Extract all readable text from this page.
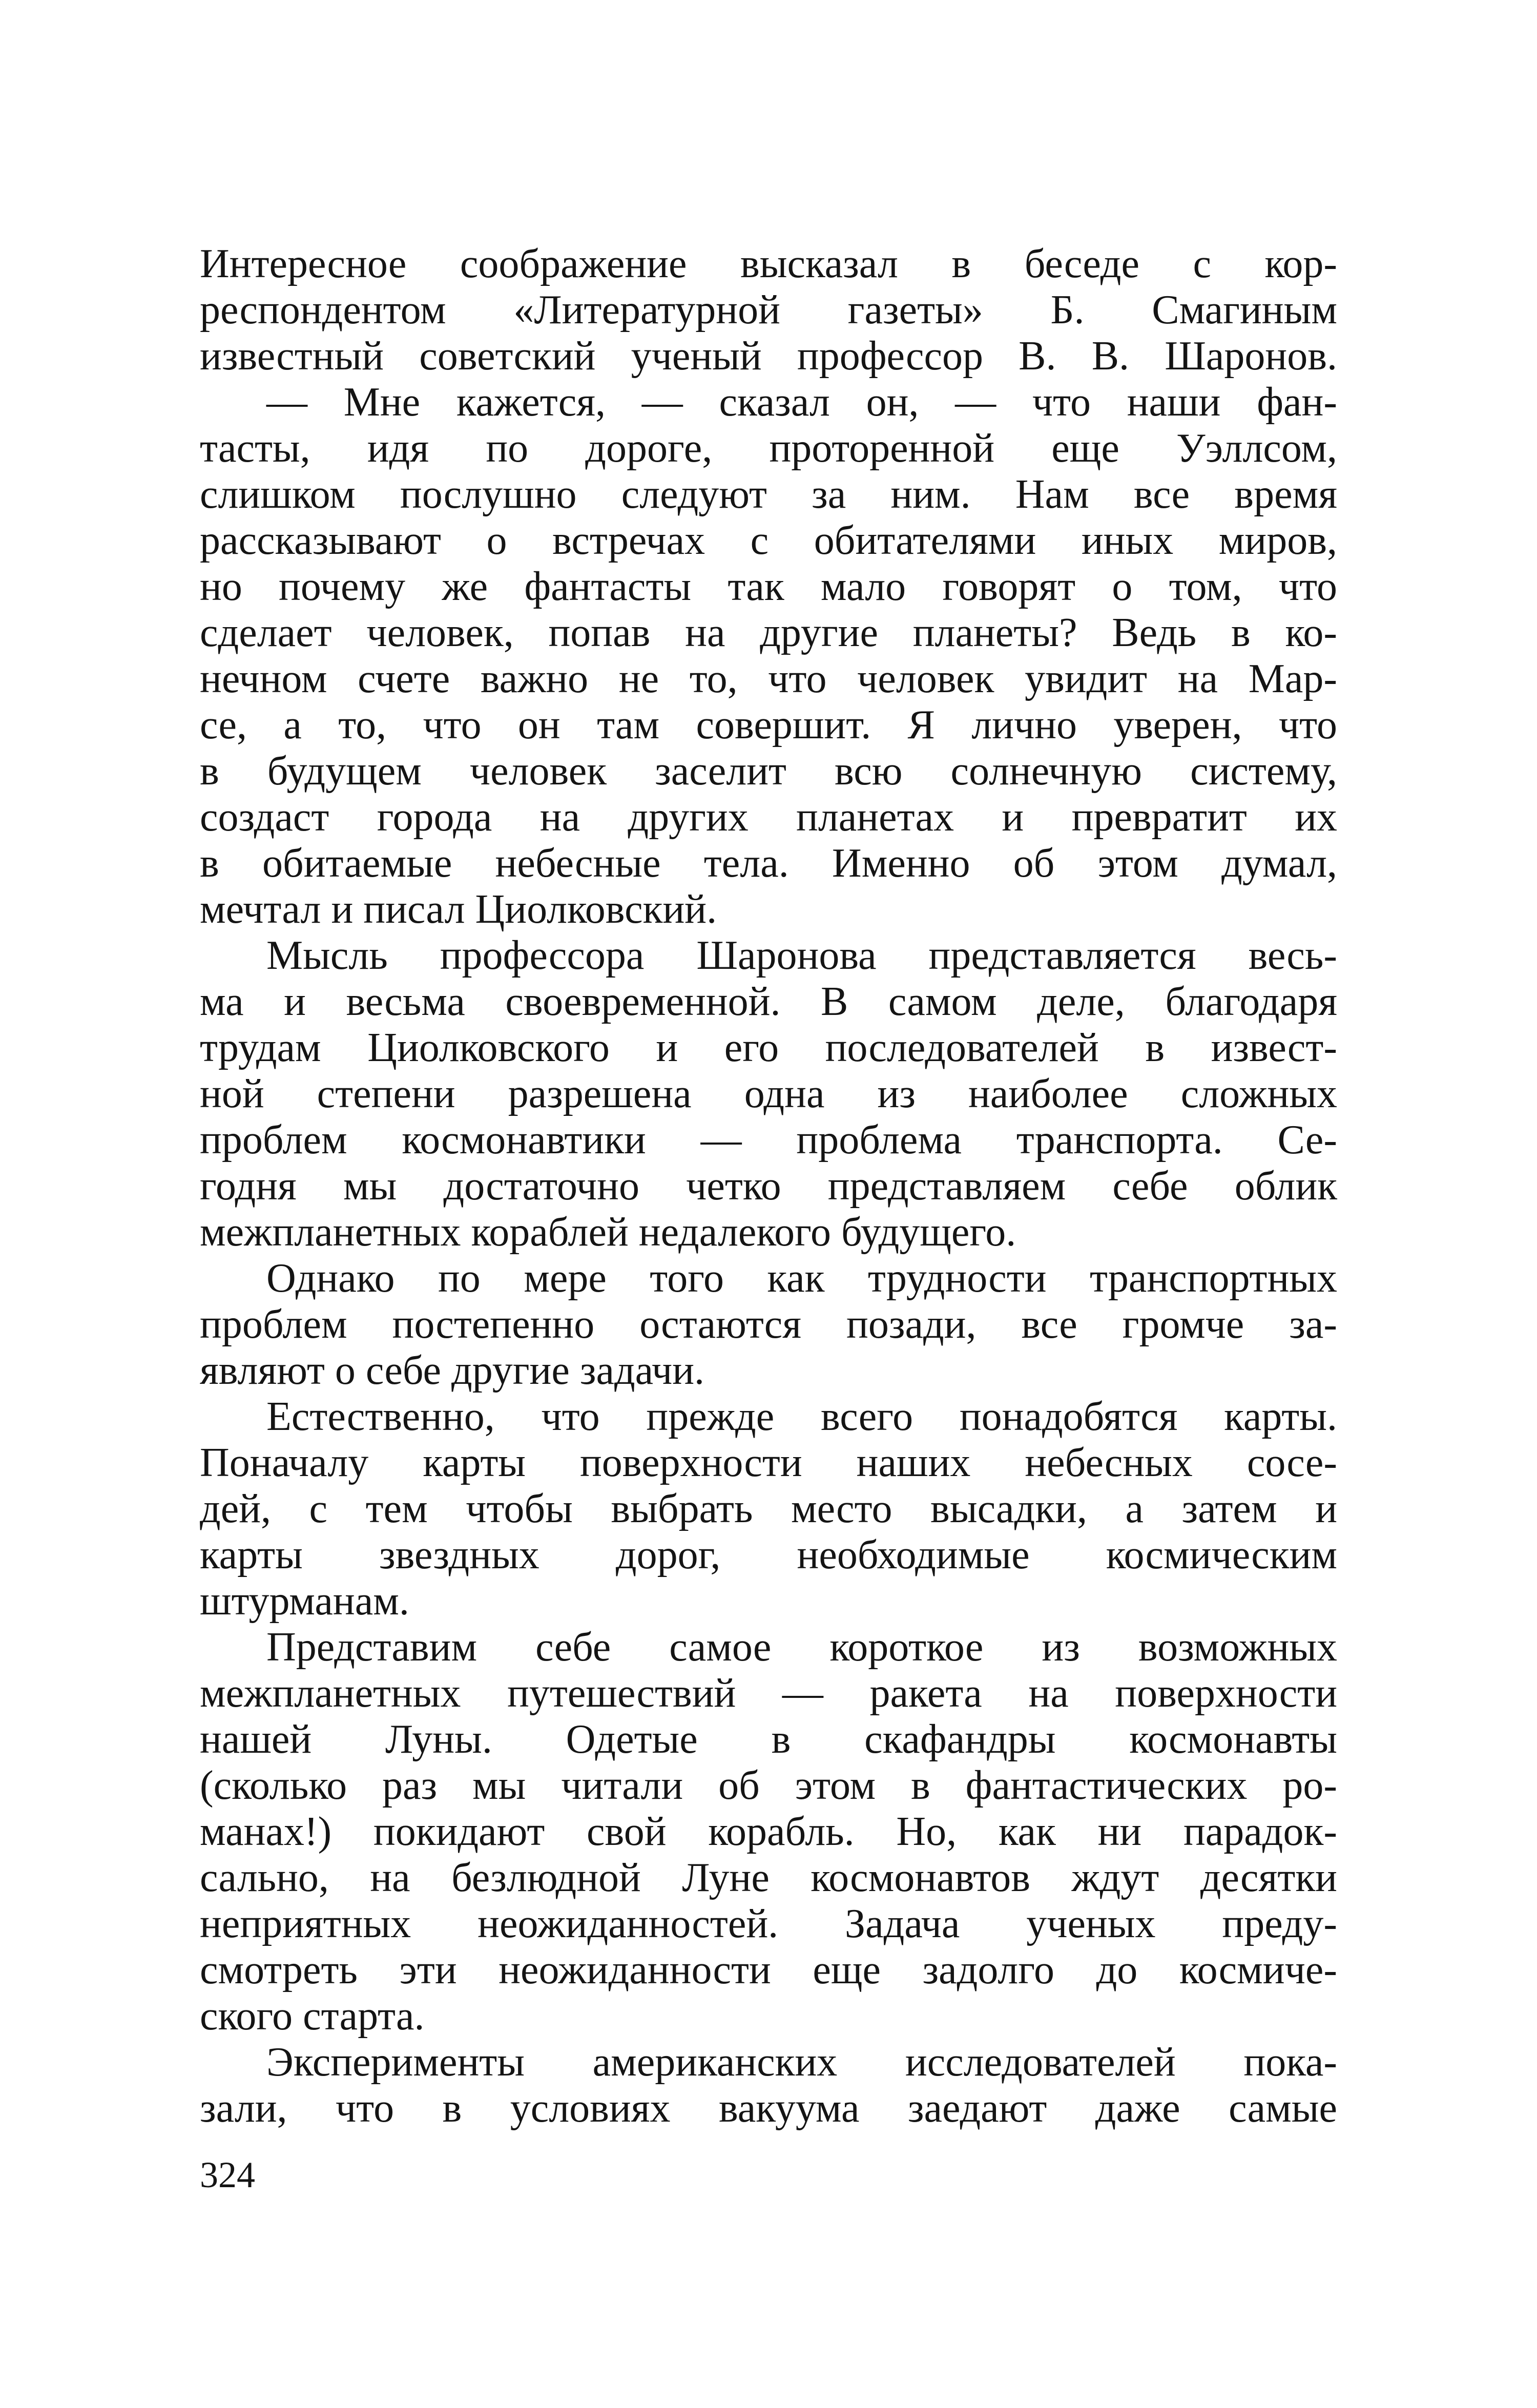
Интересное соображение высказал в беседе с кор-
респондентом «Литературной газеты» Б. Смагиным
известный советский ученый профессор В. В. Шаронов.
— Мне кажется, — сказал он, — что наши фан-
тасты, идя по дороге, проторенной еще Уэллсом,
слишком послушно следуют за ним. Нам все время
рассказывают о встречах с обитателями иных миров,
но почему же фантасты так мало говорят о том, что
сделает человек, попав на другие планеты? Ведь в ко-
нечном счете важно не то, что человек увидит на Мар-
се, а то, что он там совершит. Я лично уверен, что
в будущем человек заселит всю солнечную систему,
создаст города на других планетах и превратит их
в обитаемые небесные тела. Именно об этом думал,
мечтал и писал Циолковский.
Мысль профессора Шаронова представляется весь-
ма и весьма своевременной. В самом деле, благодаря
трудам Циолковского и его последователей в извест-
ной степени разрешена одна из наиболее сложных
проблем космонавтики — проблема транспорта. Се-
годня мы достаточно четко представляем себе облик
межпланетных кораблей недалекого будущего.
Однако по мере того как трудности транспортных
проблем постепенно остаются позади, все громче за-
являют о себе другие задачи.
Естественно, что прежде всего понадобятся карты.
Поначалу карты поверхности наших небесных сосе-
дей, с тем чтобы выбрать место высадки, а затем и
карты звездных дорог, необходимые космическим
штурманам.
Представим себе самое короткое из возможных
межпланетных путешествий — ракета на поверхности
нашей Луны. Одетые в скафандры космонавты
(сколько раз мы читали об этом в фантастических ро-
манах!) покидают свой корабль. Но, как ни парадок-
сально, на безлюдной Луне космонавтов ждут десятки
неприятных неожиданностей. Задача ученых преду-
смотреть эти неожиданности еще задолго до космиче-
ского старта.
Эксперименты американских исследователей пока-
зали, что в условиях вакуума заедают даже самые
324
